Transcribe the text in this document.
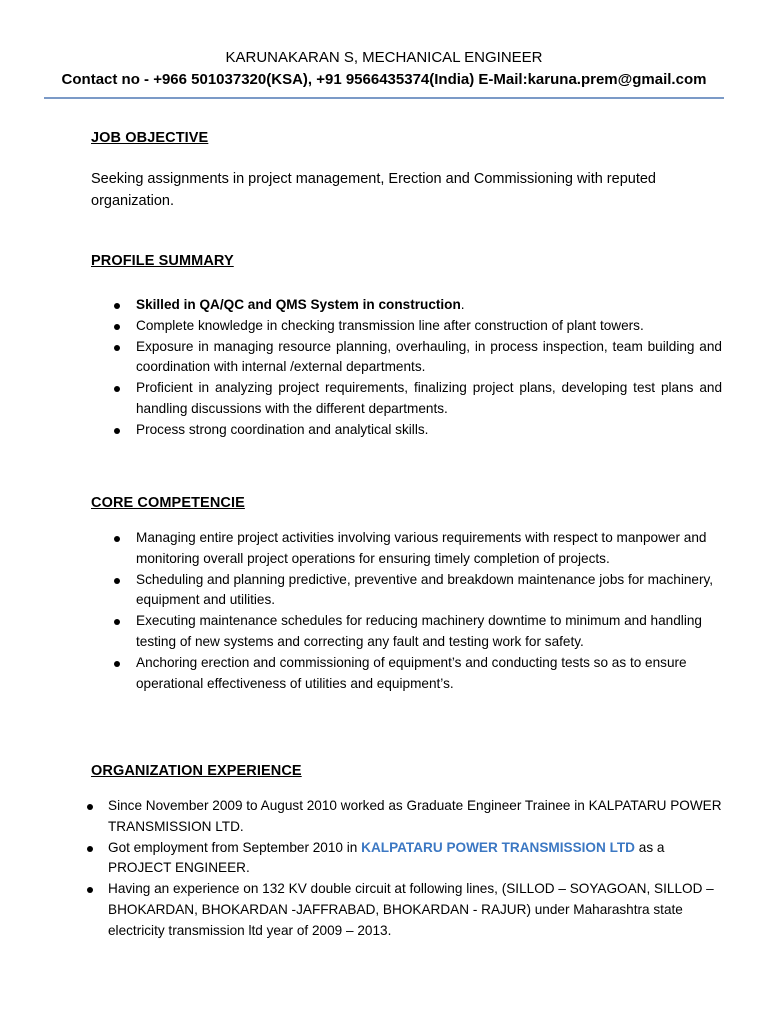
KARUNAKARAN S, MECHANICAL ENGINEER
Contact no - +966 501037320(KSA), +91 9566435374(India) E-Mail:karuna.prem@gmail.com
JOB OBJECTIVE
Seeking assignments in project management, Erection and Commissioning with reputed organization.
PROFILE SUMMARY
Skilled in QA/QC and QMS System in construction.
Complete knowledge in checking transmission line after construction of plant towers.
Exposure in managing resource planning, overhauling, in process inspection, team building and coordination with internal /external departments.
Proficient in analyzing project requirements, finalizing project plans, developing test plans and handling discussions with the different departments.
Process strong coordination and analytical skills.
CORE COMPETENCIE
Managing entire project activities involving various requirements with respect to manpower and monitoring overall project operations for ensuring timely completion of projects.
Scheduling and planning predictive, preventive and breakdown maintenance jobs for machinery, equipment and utilities.
Executing maintenance schedules for reducing machinery downtime to minimum and handling testing of new systems and correcting any fault and testing work for safety.
Anchoring erection and commissioning of equipment’s and conducting tests so as to ensure operational effectiveness of utilities and equipment’s.
ORGANIZATION EXPERIENCE
Since November 2009 to August 2010 worked as Graduate Engineer Trainee in KALPATARU POWER TRANSMISSION LTD.
Got employment from September 2010 in KALPATARU POWER TRANSMISSION LTD as a PROJECT ENGINEER.
Having an experience on 132 KV double circuit at following lines, (SILLOD – SOYAGOAN, SILLOD – BHOKARDAN, BHOKARDAN -JAFFRABAD, BHOKARDAN - RAJUR) under Maharashtra state electricity transmission ltd year of 2009 – 2013.
